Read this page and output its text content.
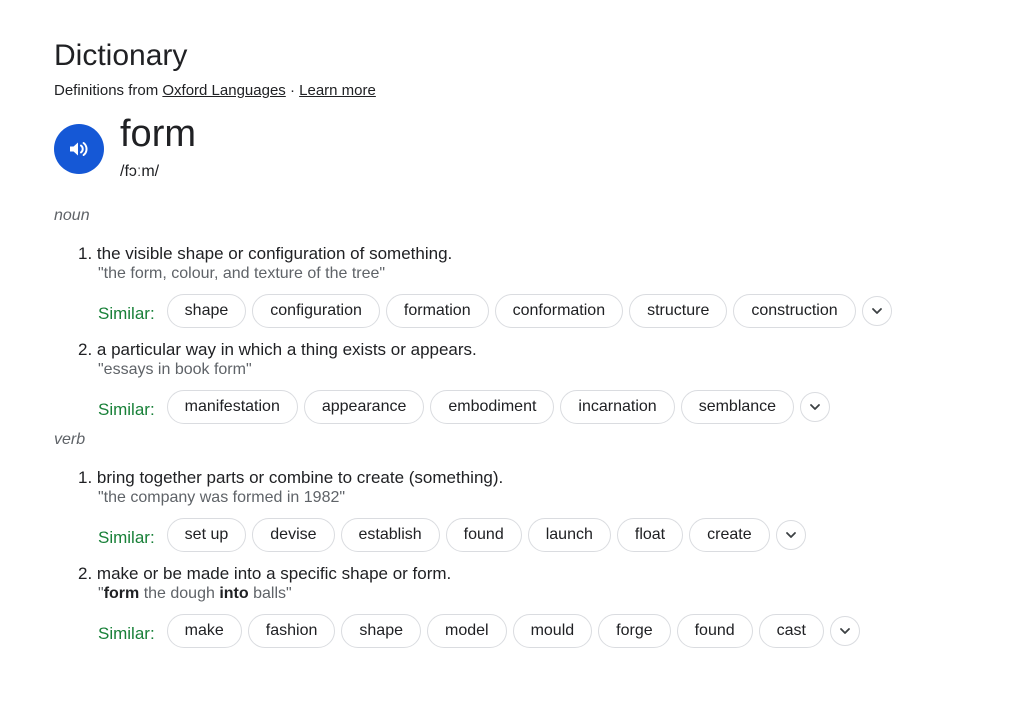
Dictionary
Definitions from Oxford Languages · Learn more
form
/fɔːm/
noun
1. the visible shape or configuration of something.
"the form, colour, and texture of the tree"
Similar:	shape	configuration	formation	conformation	structure	construction
2. a particular way in which a thing exists or appears.
"essays in book form"
Similar:	manifestation	appearance	embodiment	incarnation	semblance
verb
1. bring together parts or combine to create (something).
"the company was formed in 1982"
Similar:	set up	devise	establish	found	launch	float	create
2. make or be made into a specific shape or form.
"form the dough into balls"
Similar:	make	fashion	shape	model	mould	forge	found	cast
